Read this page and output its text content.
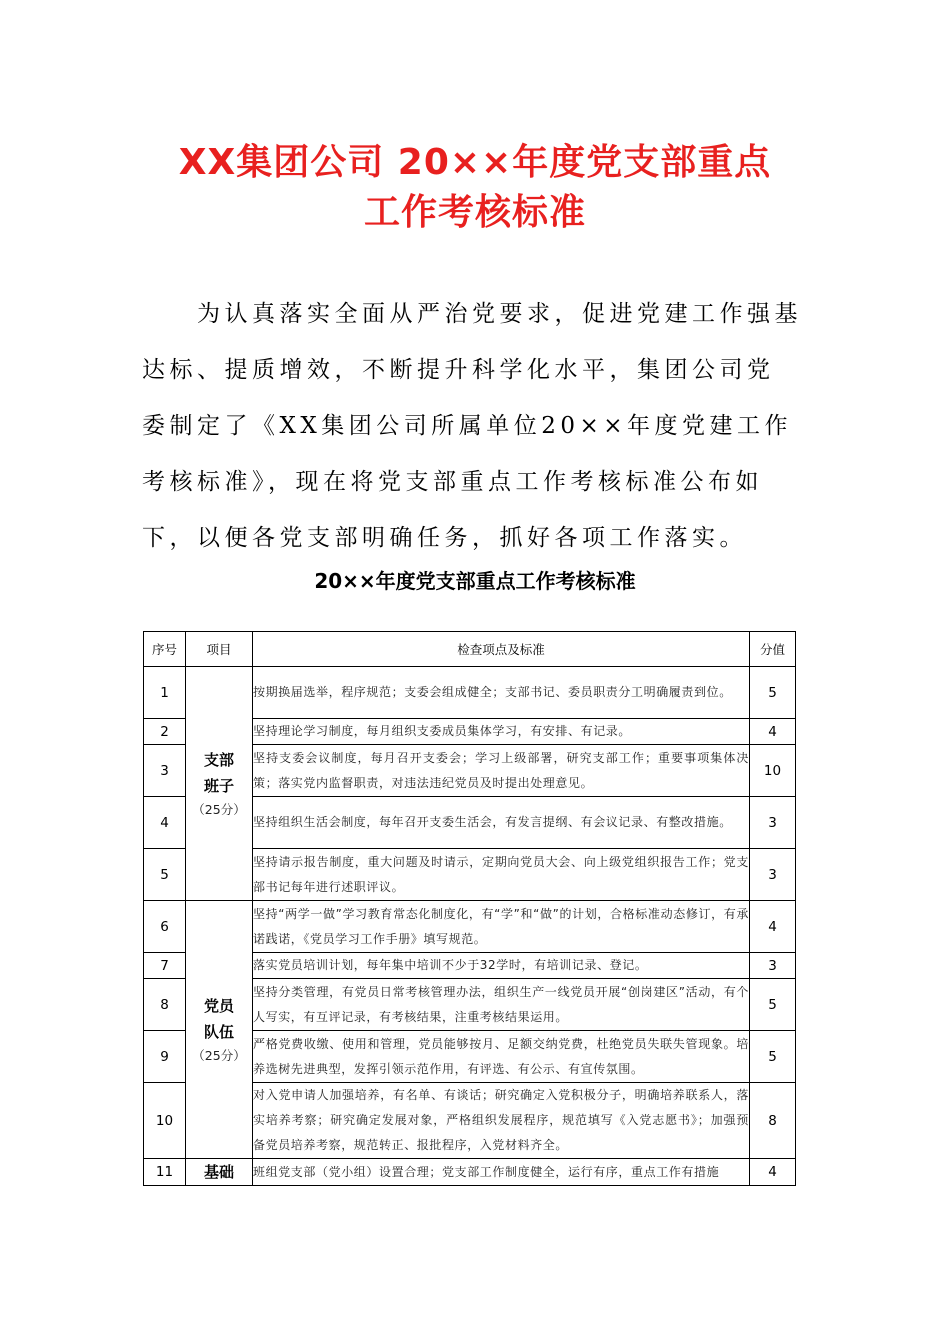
XX集团公司 20××年度党支部重点
工作考核标准
　　为认真落实全面从严治党要求，促进党建工作强基
达标、提质增效，不断提升科学化水平，集团公司党
委制定了《XX集团公司所属单位20××年度党建工作
考核标准》，现在将党支部重点工作考核标准公布如
下，以便各党支部明确任务，抓好各项工作落实。
20××年度党支部重点工作考核标准
序号	项目	检查项点及标准	分值
1	支部
班子
（25分）	按期换届选举，程序规范；支委会组成健全；支部书记、委员职责分工明确履责到位。	5
2		坚持理论学习制度，每月组织支委成员集体学习，有安排、有记录。	4
3		坚持支委会议制度，每月召开支委会；学习上级部署，研究支部工作；重要事项集体决策；落实党内监督职责，对违法违纪党员及时提出处理意见。	10
4		坚持组织生活会制度，每年召开支委生活会，有发言提纲、有会议记录、有整改措施。	3
5		坚持请示报告制度，重大问题及时请示，定期向党员大会、向上级党组织报告工作；党支部书记每年进行述职评议。	3
6	党员
队伍
（25分）	坚持“两学一做”学习教育常态化制度化，有“学”和“做”的计划，合格标准动态修订，有承诺践诺，《党员学习工作手册》填写规范。	4
7		落实党员培训计划，每年集中培训不少于32学时，有培训记录、登记。	3
8		坚持分类管理，有党员日常考核管理办法，组织生产一线党员开展“创岗建区”活动，有个人写实，有互评记录，有考核结果，注重考核结果运用。	5
9		严格党费收缴、使用和管理，党员能够按月、足额交纳党费，杜绝党员失联失管现象。培养选树先进典型，发挥引领示范作用，有评选、有公示、有宣传氛围。	5
10		对入党申请人加强培养，有名单、有谈话；研究确定入党积极分子，明确培养联系人，落实培养考察；研究确定发展对象，严格组织发展程序，规范填写《入党志愿书》；加强预备党员培养考察，规范转正、报批程序，入党材料齐全。	8
11	基础	班组党支部（党小组）设置合理；党支部工作制度健全，运行有序，重点工作有措施	4
